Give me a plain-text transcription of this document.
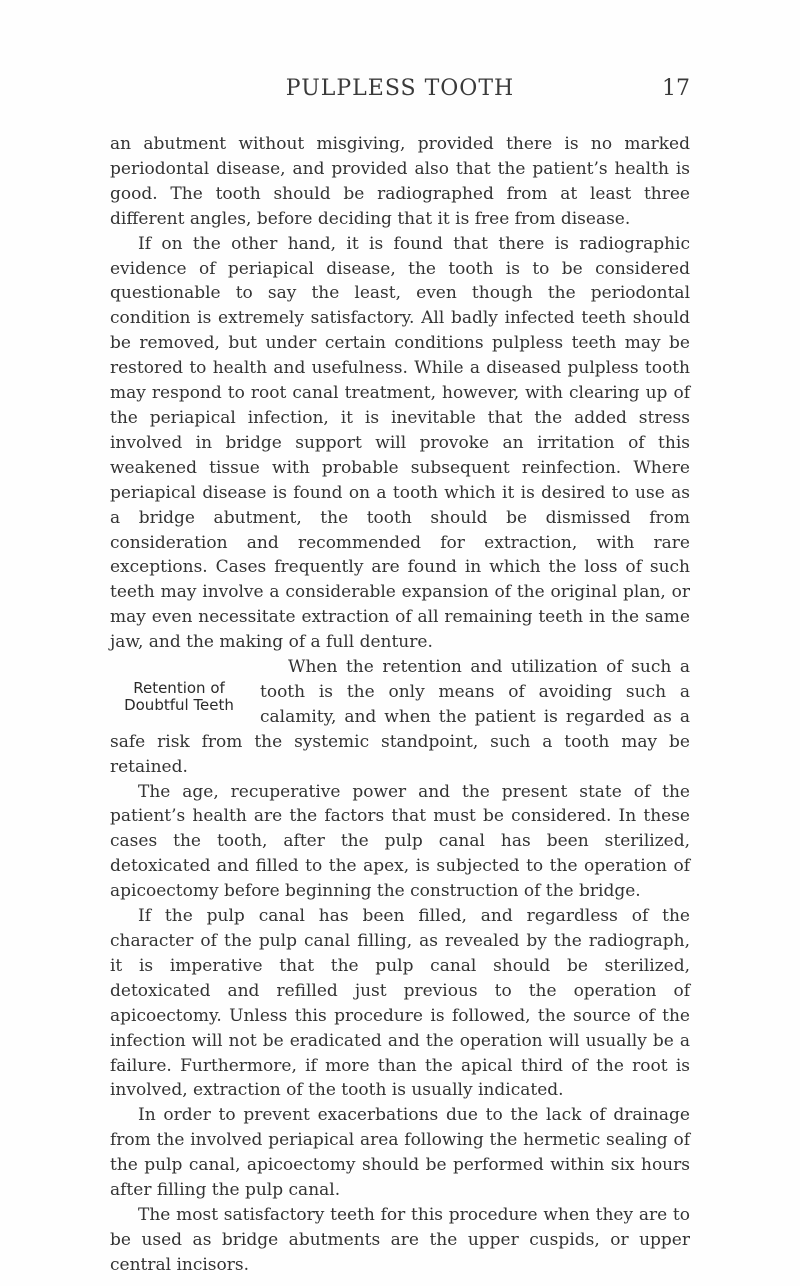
PULPLESS TOOTH	17

an abutment without misgiving, provided there is no marked periodontal disease, and provided also that the patient’s health is good. The tooth should be radiographed from at least three different angles, before deciding that it is free from disease.

If on the other hand, it is found that there is radiographic evidence of periapical disease, the tooth is to be considered questionable to say the least, even though the periodontal condition is extremely satisfactory. All badly infected teeth should be removed, but under certain conditions pulpless teeth may be restored to health and usefulness. While a diseased pulpless tooth may respond to root canal treatment, however, with clearing up of the periapical infection, it is inevitable that the added stress involved in bridge support will provoke an irritation of this weakened tissue with probable subsequent reinfection. Where periapical disease is found on a tooth which it is desired to use as a bridge abutment, the tooth should be dismissed from consideration and recommended for extraction, with rare exceptions. Cases frequently are found in which the loss of such teeth may involve a considerable expansion of the original plan, or may even necessitate extraction of all remaining teeth in the same jaw, and the making of a full denture.

Retention of Doubtful Teeth

When the retention and utilization of such a tooth is the only means of avoiding such a calamity, and when the patient is regarded as a safe risk from the systemic standpoint, such a tooth may be retained.

The age, recuperative power and the present state of the patient’s health are the factors that must be considered. In these cases the tooth, after the pulp canal has been sterilized, detoxicated and filled to the apex, is subjected to the operation of apicoectomy before beginning the construction of the bridge.

If the pulp canal has been filled, and regardless of the character of the pulp canal filling, as revealed by the radiograph, it is imperative that the pulp canal should be sterilized, detoxicated and refilled just previous to the operation of apicoectomy. Unless this procedure is followed, the source of the infection will not be eradicated and the operation will usually be a failure. Furthermore, if more than the apical third of the root is involved, extraction of the tooth is usually indicated.

In order to prevent exacerbations due to the lack of drainage from the involved periapical area following the hermetic sealing of the pulp canal, apicoectomy should be performed within six hours after filling the pulp canal.

The most satisfactory teeth for this procedure when they are to be used as bridge abutments are the upper cuspids, or upper central incisors.
